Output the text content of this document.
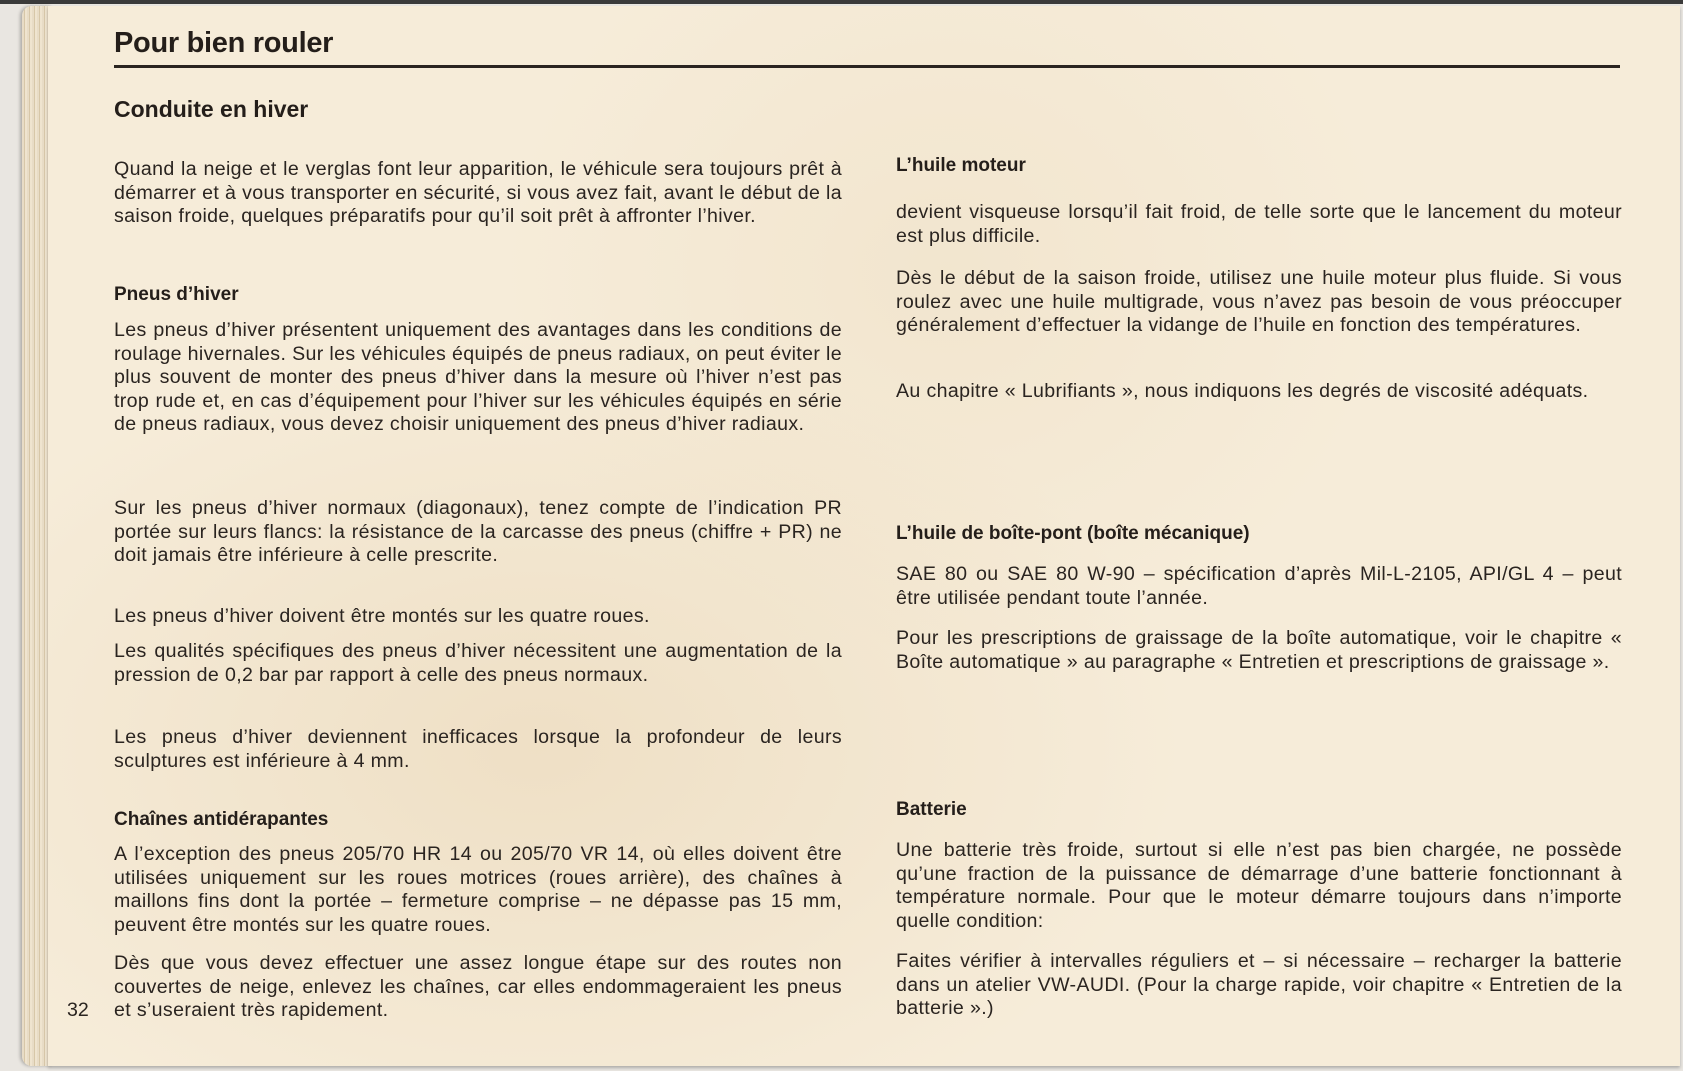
Pour bien rouler
Conduite en hiver

Quand la neige et le verglas font leur apparition, le véhicule sera toujours prêt à démarrer et à vous transporter en sécurité, si vous avez fait, avant le début de la saison froide, quelques préparatifs pour qu’il soit prêt à affronter l’hiver.

Pneus d’hiver

Les pneus d’hiver présentent uniquement des avantages dans les conditions de roulage hivernales. Sur les véhicules équipés de pneus radiaux, on peut éviter le plus souvent de monter des pneus d’hiver dans la mesure où l’hiver n’est pas trop rude et, en cas d’équipement pour l’hiver sur les véhicules équipés en série de pneus radiaux, vous devez choisir uniquement des pneus d’hiver radiaux.

Sur les pneus d’hiver normaux (diagonaux), tenez compte de l’indication PR portée sur leurs flancs: la résistance de la carcasse des pneus (chiffre + PR) ne doit jamais être inférieure à celle prescrite.

Les pneus d’hiver doivent être montés sur les quatre roues.

Les qualités spécifiques des pneus d’hiver nécessitent une augmentation de la pression de 0,2 bar par rapport à celle des pneus normaux.

Les pneus d’hiver deviennent inefficaces lorsque la profondeur de leurs sculptures est inférieure à 4 mm.

Chaînes antidérapantes

A l’exception des pneus 205/70 HR 14 ou 205/70 VR 14, où elles doivent être utilisées uniquement sur les roues motrices (roues arrière), des chaînes à maillons fins dont la portée – fermeture comprise – ne dépasse pas 15 mm, peuvent être montés sur les quatre roues.

Dès que vous devez effectuer une assez longue étape sur des routes non couvertes de neige, enlevez les chaînes, car elles endommageraient les pneus et s’useraient très rapidement.

32
L’huile moteur

devient visqueuse lorsqu’il fait froid, de telle sorte que le lancement du moteur est plus difficile.

Dès le début de la saison froide, utilisez une huile moteur plus fluide. Si vous roulez avec une huile multigrade, vous n’avez pas besoin de vous préoccuper généralement d’effectuer la vidange de l’huile en fonction des températures.

Au chapitre « Lubrifiants », nous indiquons les degrés de viscosité adéquats.

L’huile de boîte-pont (boîte mécanique)

SAE 80 ou SAE 80 W-90 – spécification d’après Mil-L-2105, API/GL 4 – peut être utilisée pendant toute l’année.

Pour les prescriptions de graissage de la boîte automatique, voir le chapitre « Boîte automatique » au paragraphe « Entretien et prescriptions de graissage ».

Batterie

Une batterie très froide, surtout si elle n’est pas bien chargée, ne possède qu’une fraction de la puissance de démarrage d’une batterie fonctionnant à température normale. Pour que le moteur démarre toujours dans n’importe quelle condition:

Faites vérifier à intervalles réguliers et – si nécessaire – recharger la batterie dans un atelier VW-AUDI. (Pour la charge rapide, voir chapitre « Entretien de la batterie ».)
